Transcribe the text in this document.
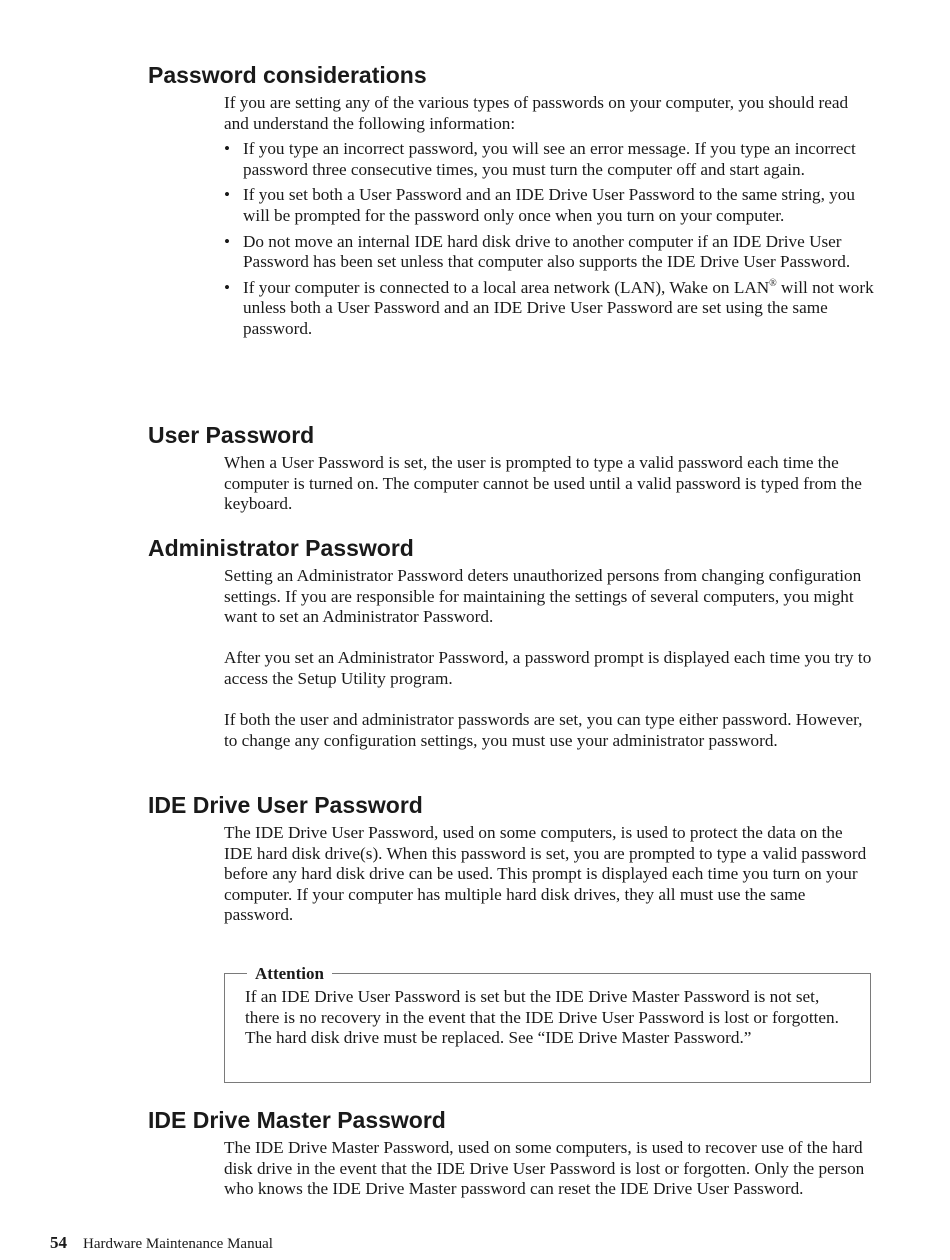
Password considerations

If you are setting any of the various types of passwords on your computer, you should read and understand the following information:

• If you type an incorrect password, you will see an error message. If you type an incorrect password three consecutive times, you must turn the computer off and start again.
• If you set both a User Password and an IDE Drive User Password to the same string, you will be prompted for the password only once when you turn on your computer.
• Do not move an internal IDE hard disk drive to another computer if an IDE Drive User Password has been set unless that computer also supports the IDE Drive User Password.
• If your computer is connected to a local area network (LAN), Wake on LAN® will not work unless both a User Password and an IDE Drive User Password are set using the same password.
User Password

When a User Password is set, the user is prompted to type a valid password each time the computer is turned on. The computer cannot be used until a valid password is typed from the keyboard.

Administrator Password

Setting an Administrator Password deters unauthorized persons from changing configuration settings. If you are responsible for maintaining the settings of several computers, you might want to set an Administrator Password.

After you set an Administrator Password, a password prompt is displayed each time you try to access the Setup Utility program.

If both the user and administrator passwords are set, you can type either password. However, to change any configuration settings, you must use your administrator password.

IDE Drive User Password

The IDE Drive User Password, used on some computers, is used to protect the data on the IDE hard disk drive(s). When this password is set, you are prompted to type a valid password before any hard disk drive can be used. This prompt is displayed each time you turn on your computer. If your computer has multiple hard disk drives, they all must use the same password.

Attention
If an IDE Drive User Password is set but the IDE Drive Master Password is not set, there is no recovery in the event that the IDE Drive User Password is lost or forgotten. The hard disk drive must be replaced. See “IDE Drive Master Password.”
IDE Drive Master Password

The IDE Drive Master Password, used on some computers, is used to recover use of the hard disk drive in the event that the IDE Drive User Password is lost or forgotten. Only the person who knows the IDE Drive Master password can reset the IDE Drive User Password.

54 Hardware Maintenance Manual
